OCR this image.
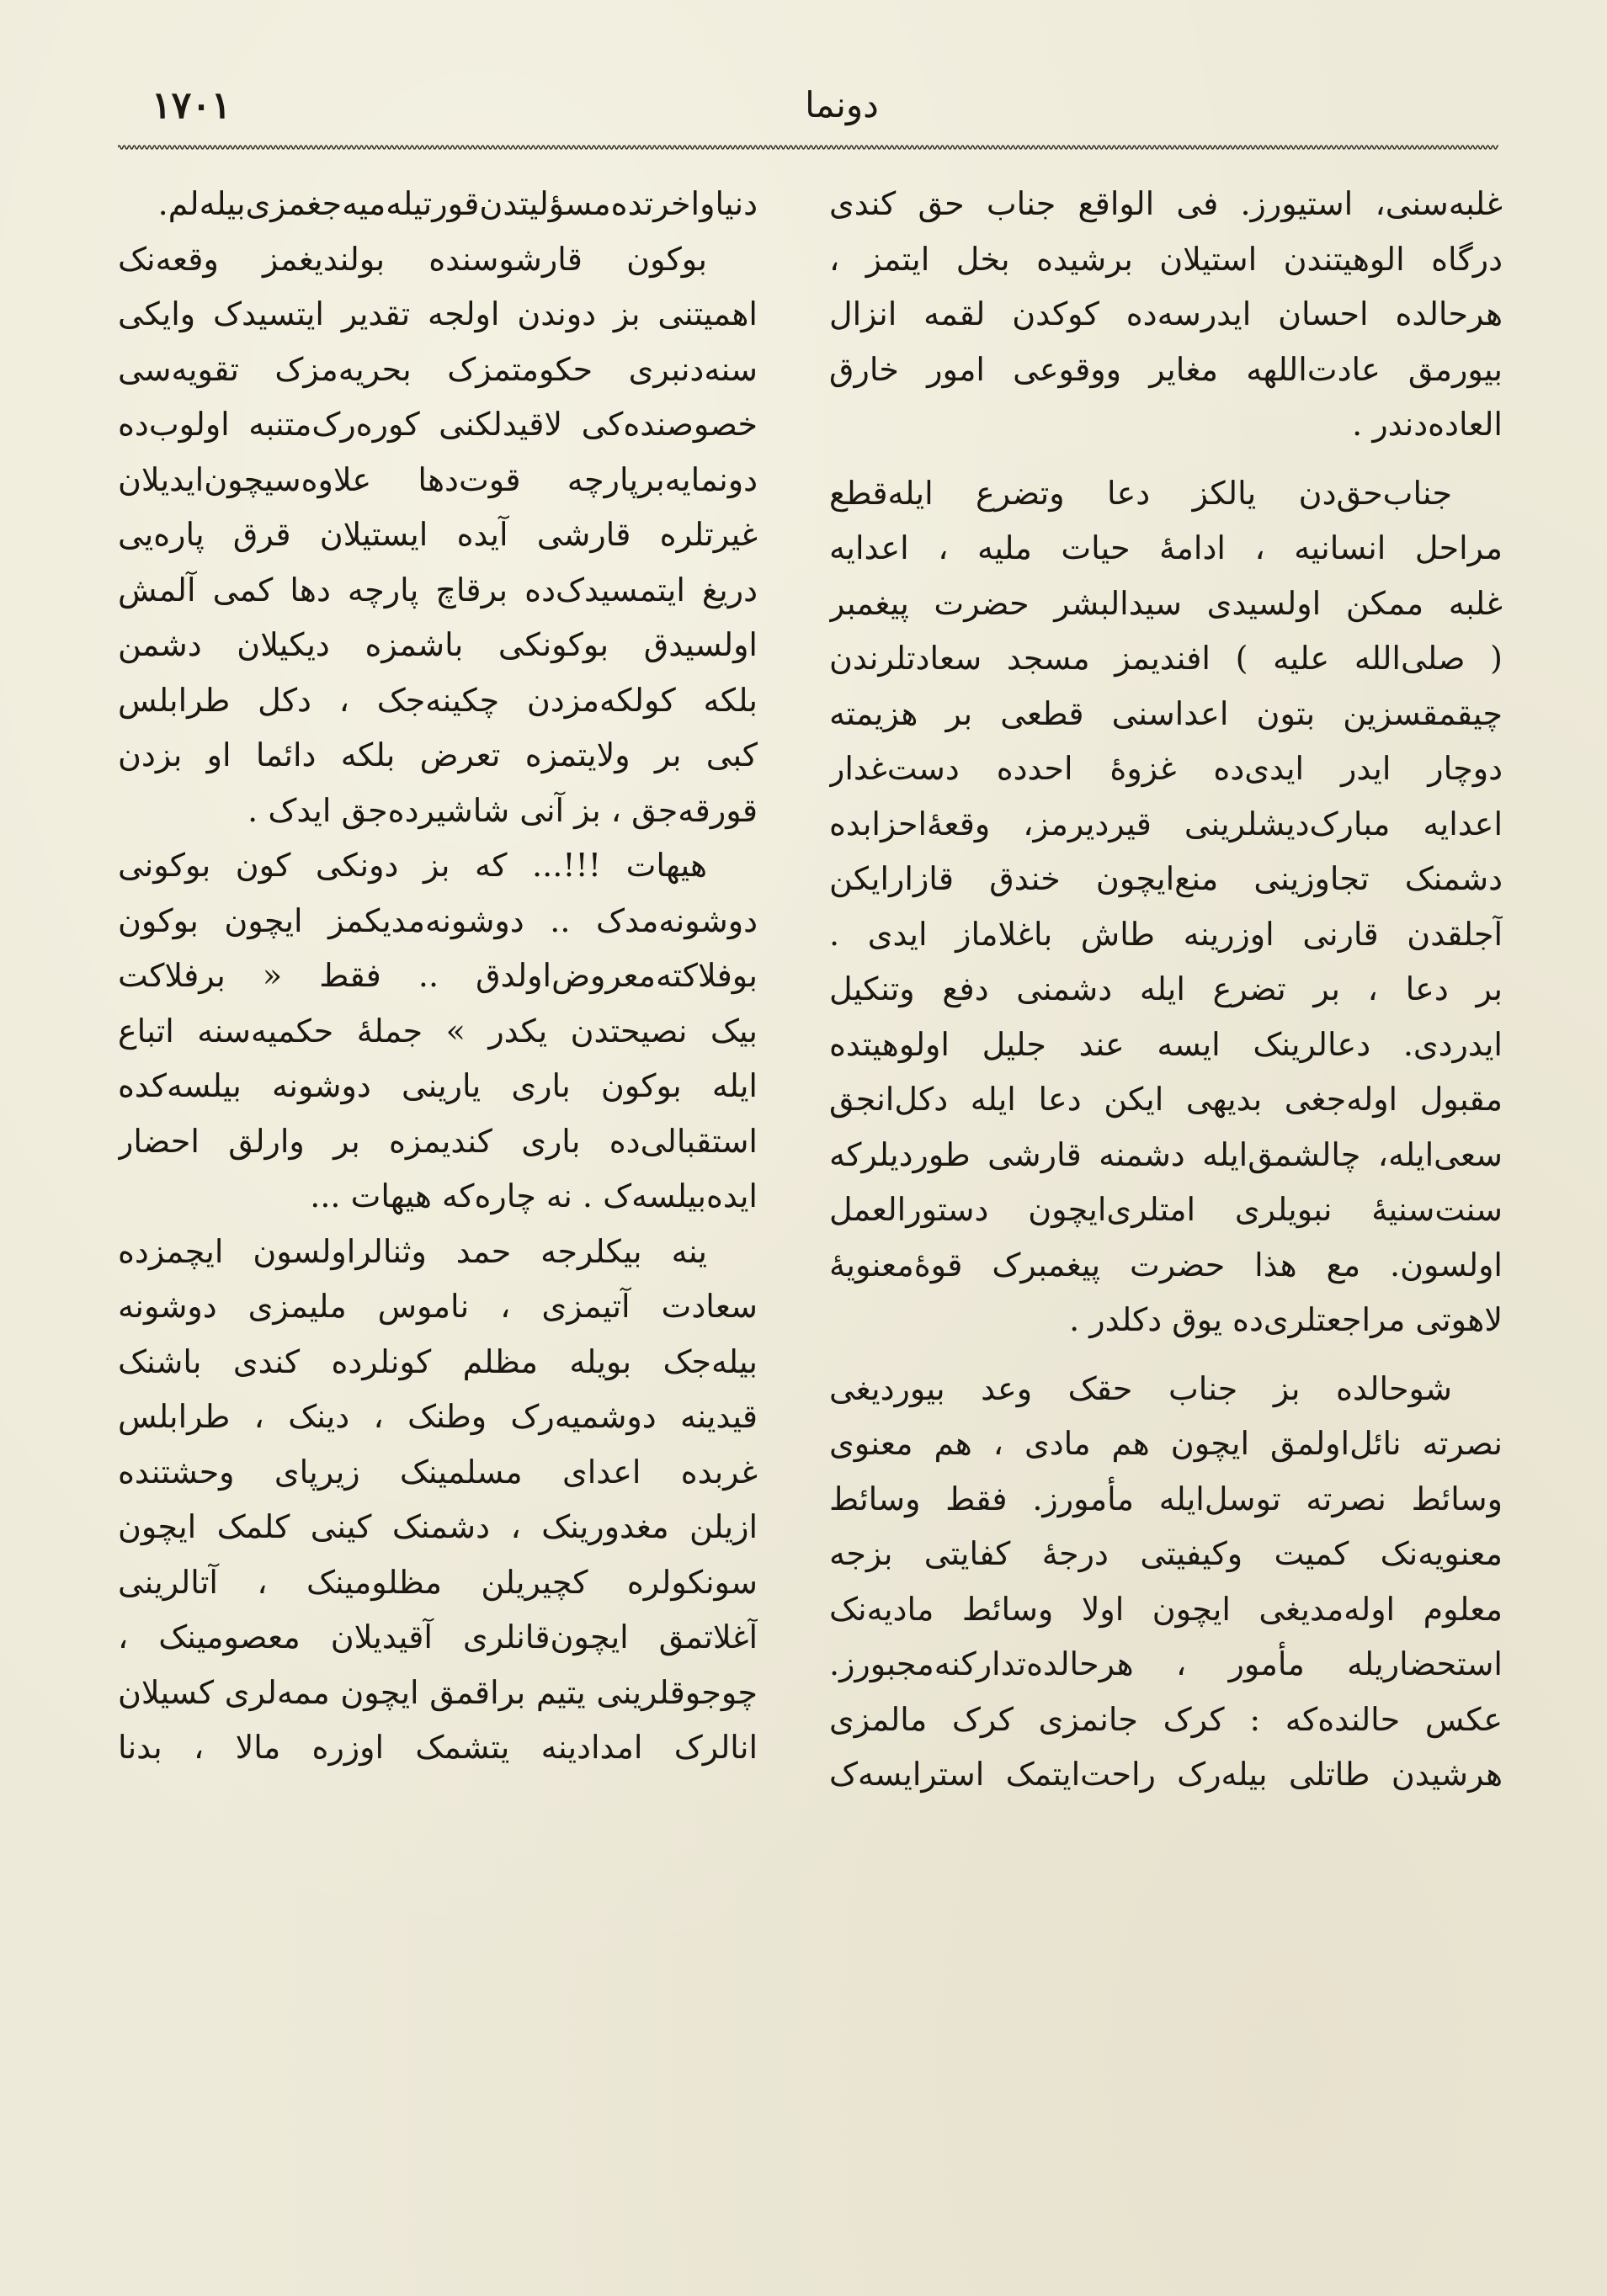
١٧٠١	دونما
غلبه‌سنی، استیورز. فی الواقع جناب حق کندی
درگاه الوهیتندن استیلان برشیده بخل ایتمز ،
هرحالده احسان ایدرسه‌ده کوکدن لقمه انزال
بیورمق عادت‌اللهه مغایر ووقوعی امور خارق‌
العاده‌دندر .
جناب‌حق‌دن یالکز دعا وتضرع ایله‌قطع
مراحل انسانیه ، ادامهٔ حیات ملیه ، اعدایه
غلبه ممکن اولسیدی سیدالبشر حضرت پیغمبر
( صلی‌الله علیه ) افندیمز مسجد سعادتلرندن
چیقمقسزین بتون اعداسنی قطعی بر هزیمته
دوچار ایدر ایدی‌ده غزوهٔ احدده دست‌غدار
اعدایه مبارک‌دیشلرینی قیردیرمز، وقعهٔ‌احزابده
دشمنک تجاوزینی منع‌ایچون خندق قازارایکن
آجلقدن قارنی اوزرینه طاش باغلاماز ایدی .
بر دعا ، بر تضرع ایله دشمنی دفع وتنکیل
ایدردی. دعالرینک ایسه عند جلیل اولوهیتده
مقبول اوله‌جغی بدیهی ایکن دعا ایله دکل‌انجق
سعی‌ایله، چالشمق‌ایله دشمنه قارشی طوردیلرکه
سنت‌سنیهٔ نبویلری امتلری‌ایچون دستورالعمل
اولسون. مع هذا حضرت پیغمبرک قوهٔ‌معنویهٔ
لاهوتی مراجعتلری‌ده یوق دکلدر .
شوحالده بز جناب حقک وعد بیوردیغی
نصرته نائل‌اولمق ایچون هم مادی ، هم معنوی
وسائط نصرته توسل‌ایله مأمورز. فقط وسائط
معنویه‌نک کمیت وکیفیتی درجهٔ کفایتی بزجه
معلوم اوله‌مدیغی ایچون اولا وسائط مادیه‌نک
استحضاریله مأمور ، هرحالده‌تدارکنه‌مجبورز.
عکس حالنده‌که : کرک جانمزی کرک مالمزی
هرشیدن طاتلی بیله‌رک راحت‌ایتمک استرایسه‌ک
دنیاواخرتده‌مسؤلیتدن‌قورتیله‌میه‌جغمزی‌بیله‌لم.
بوکون قارشوسنده بولندیغمز وقعه‌نک
اهمیتنی بز دوندن اولجه تقدیر ایتسیدک وایکی
سنه‌دنبری حکومتمزک بحریه‌مزک تقویه‌سی
خصوصنده‌کی لاقیدلکنی کوره‌رک‌متنبه اولوب‌ده
دونمایه‌برپارچه قوت‌دها علاوه‌سیچون‌ایدیلان
غیرتلره قارشی آیده ایستیلان قرق پاره‌یی
دریغ ایتمسیدک‌ده برقاچ پارچه دها کمی آلمش
اولسیدق بوکونکی باشمزه دیکیلان دشمن
بلکه کولکه‌مزدن چکینه‌جک ، دکل طرابلس
کبی بر ولایتمزه تعرض بلکه دائما او بزدن
قورقه‌جق ، بز آنی شاشیرده‌جق ایدک .
هیهات !!!... که بز دونکی کون بوکونی
دوشونه‌مدک .. دوشونه‌مدیکمز ایچون بوکون
بوفلاکته‌معروض‌اولدق .. فقط « برفلاکت
بیک نصیحتدن یکدر » جملهٔ حکمیه‌سنه اتباع
ایله بوکون باری یارینی دوشونه بیلسه‌کده
استقبالی‌ده باری کندیمزه بر وارلق احضار
ایده‌بیلسه‌ک . نه چاره‌که هیهات ...
ینه بیکلرجه حمد وثنالراولسون ایچمزده
سعادت آتیمزی ، ناموس ملیمزی دوشونه
بیله‌جک بویله مظلم کونلرده کندی باشنک
قیدینه دوشمیه‌رک وطنک ، دینک ، طرابلس
غربده اعدای مسلمینک زیرپای وحشتنده
ازیلن مغدورینک ، دشمنک کینی کلمک ایچون
سونکولره کچیریلن مظلومینک ، آتالرینی
آغلاتمق ایچون‌قانلری آقیدیلان معصومینک ،
چوجوقلرینی یتیم براقمق ایچون ممه‌لری کسیلان
انالرک امدادینه یتشمک اوزره مالا ، بدنا
